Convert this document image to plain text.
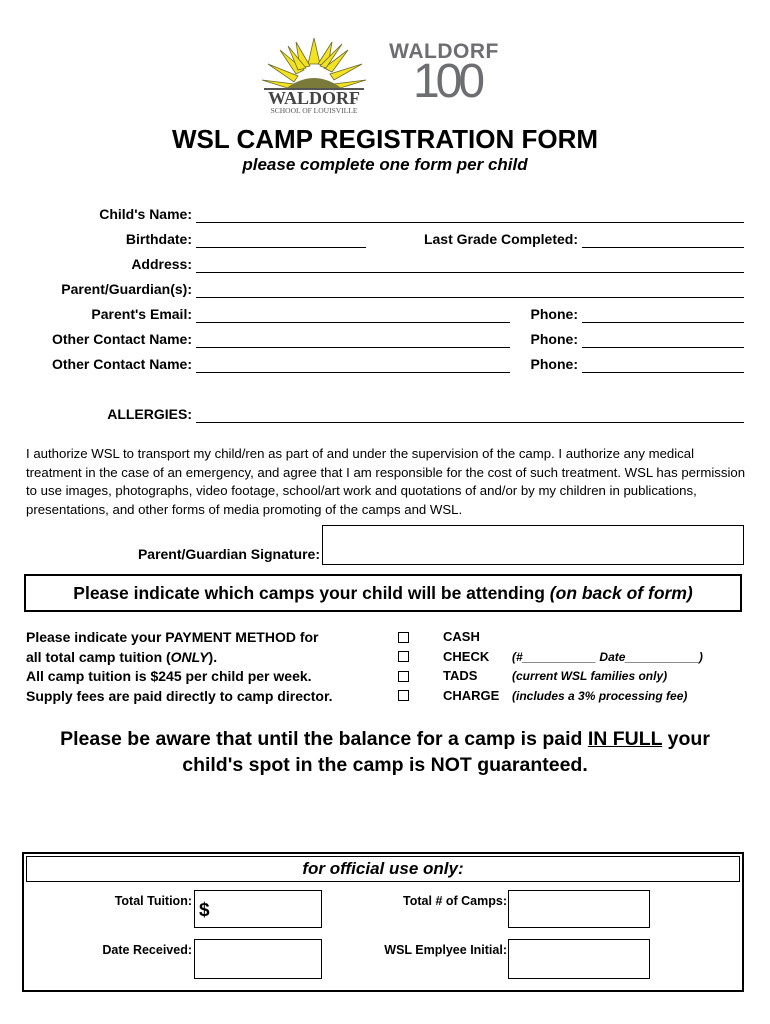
WALDORF
SCHOOL OF LOUISVILLE
WALDORF
100
WSL CAMP REGISTRATION FORM
please complete one form per child
Child's Name:
Birthdate:	Last Grade Completed:
Address:
Parent/Guardian(s):
Parent's Email:	Phone:
Other Contact Name:	Phone:
Other Contact Name:	Phone:
ALLERGIES:
I authorize WSL to transport my child/ren as part of and under the supervision of the camp. I authorize any medical treatment in the case of an emergency, and agree that I am responsible for the cost of such treatment. WSL has permission to use images, photographs, video footage, school/art work and quotations of and/or by my children in publications, presentations, and other forms of media promoting of the camps and WSL.
Parent/Guardian Signature:
Please indicate which camps your child will be attending (on back of form)
Please indicate your PAYMENT METHOD for
all total camp tuition (ONLY).
All camp tuition is $245 per child per week.
Supply fees are paid directly to camp director.
CASH
CHECK (#___________ Date___________)
TADS	(current WSL families only)
CHARGE (includes a 3% processing fee)
Please be aware that until the balance for a camp is paid IN FULL your
child's spot in the camp is NOT guaranteed.
for official use only:
Total Tuition: $	Total # of Camps:
Date Received:	WSL Emplyee Initial:
